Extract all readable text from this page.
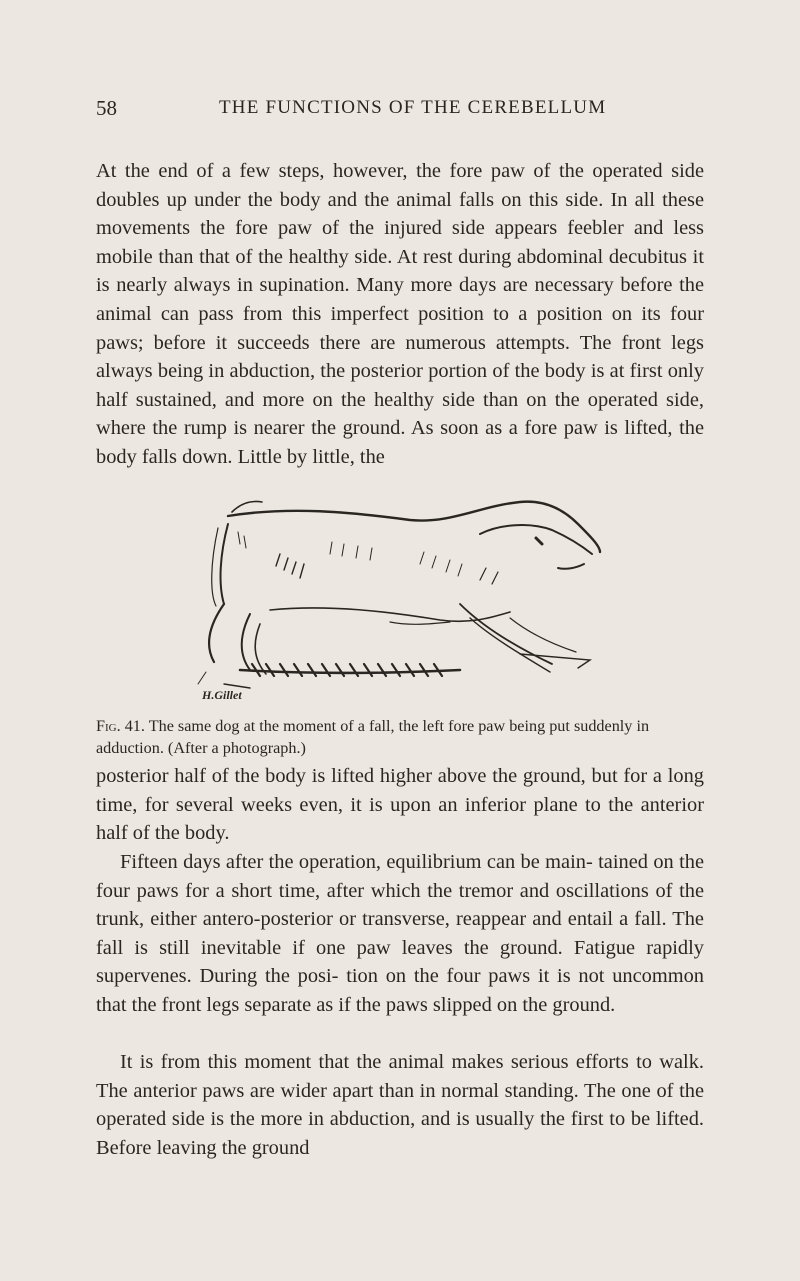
58	THE FUNCTIONS OF THE CEREBELLUM

At the end of a few steps, however, the fore paw of the operated side doubles up under the body and the animal falls on this side. In all these movements the fore paw of the injured side appears feebler and less mobile than that of the healthy side. At rest during abdominal decubitus it is nearly always in supination. Many more days are necessary before the animal can pass from this imperfect position to a position on its four paws; before it succeeds there are numerous attempts. The front legs always being in abduction, the posterior portion of the body is at first only half sustained, and more on the healthy side than on the operated side, where the rump is nearer the ground. As soon as a fore paw is lifted, the body falls down. Little by little, the

H.Gillet
Fig. 41. The same dog at the moment of a fall, the left fore paw being put suddenly in adduction. (After a photograph.)

posterior half of the body is lifted higher above the ground, but for a long time, for several weeks even, it is upon an inferior plane to the anterior half of the body.

Fifteen days after the operation, equilibrium can be main- tained on the four paws for a short time, after which the tremor and oscillations of the trunk, either antero-posterior or transverse, reappear and entail a fall. The fall is still inevitable if one paw leaves the ground. Fatigue rapidly supervenes. During the posi- tion on the four paws it is not uncommon that the front legs separate as if the paws slipped on the ground.

It is from this moment that the animal makes serious efforts to walk. The anterior paws are wider apart than in normal standing. The one of the operated side is the more in abduction, and is usually the first to be lifted. Before leaving the ground
